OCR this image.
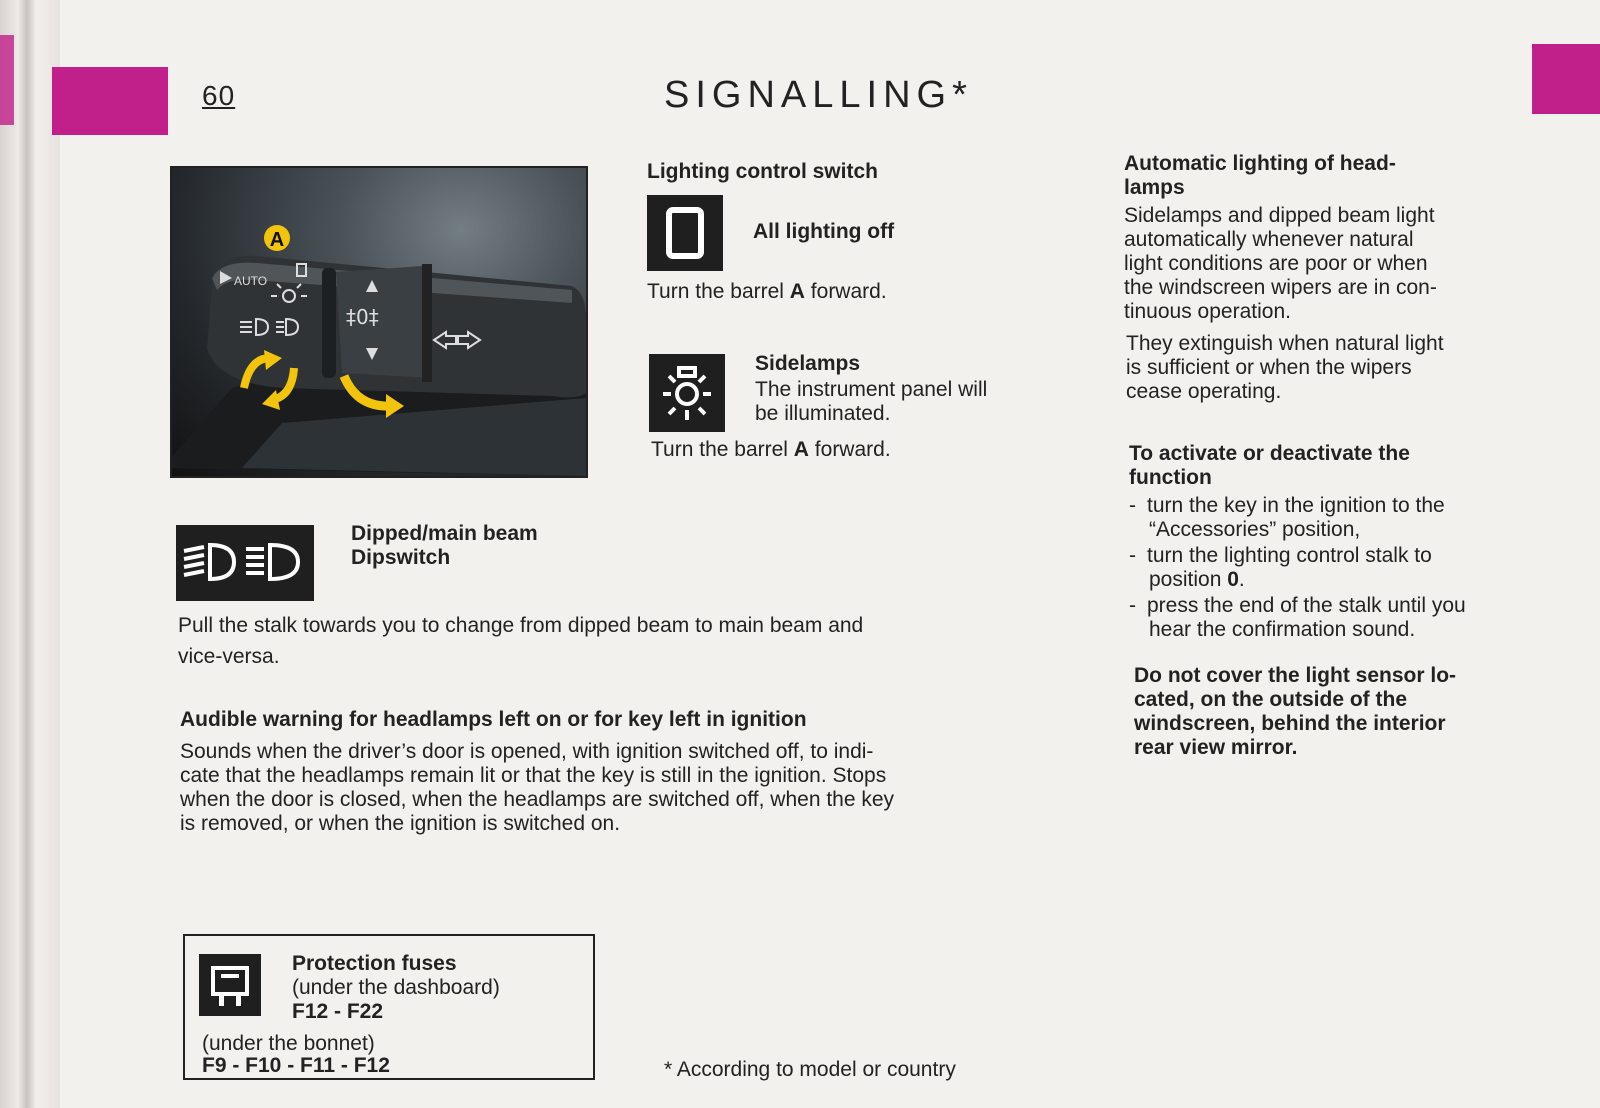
60	SIGNALLING*
A
AUTO
‡0‡
Lighting control switch
All lighting off
Turn the barrel A forward.
Sidelamps
The instrument panel will
be illuminated.
Turn the barrel A forward.
Dipped/main beam
Dipswitch
Pull the stalk towards you to change from dipped beam to main beam and
vice-versa.
Audible warning for headlamps left on or for key left in ignition
Sounds when the driver’s door is opened, with ignition switched off, to indi-
cate that the headlamps remain lit or that the key is still in the ignition. Stops
when the door is closed, when the headlamps are switched off, when the key
is removed, or when the ignition is switched on.
Automatic lighting of head-
lamps
Sidelamps and dipped beam light
automatically whenever natural
light conditions are poor or when
the windscreen wipers are in con-
tinuous operation.
They extinguish when natural light
is sufficient or when the wipers
cease operating.
To activate or deactivate the
function
- turn the key in the ignition to the
“Accessories” position,
- turn the lighting control stalk to
position 0.
- press the end of the stalk until you
hear the confirmation sound.
Do not cover the light sensor lo-
cated, on the outside of the
windscreen, behind the interior
rear view mirror.
Protection fuses
(under the dashboard)
F12 - F22
(under the bonnet)
F9 - F10 - F11 - F12	* According to model or country
